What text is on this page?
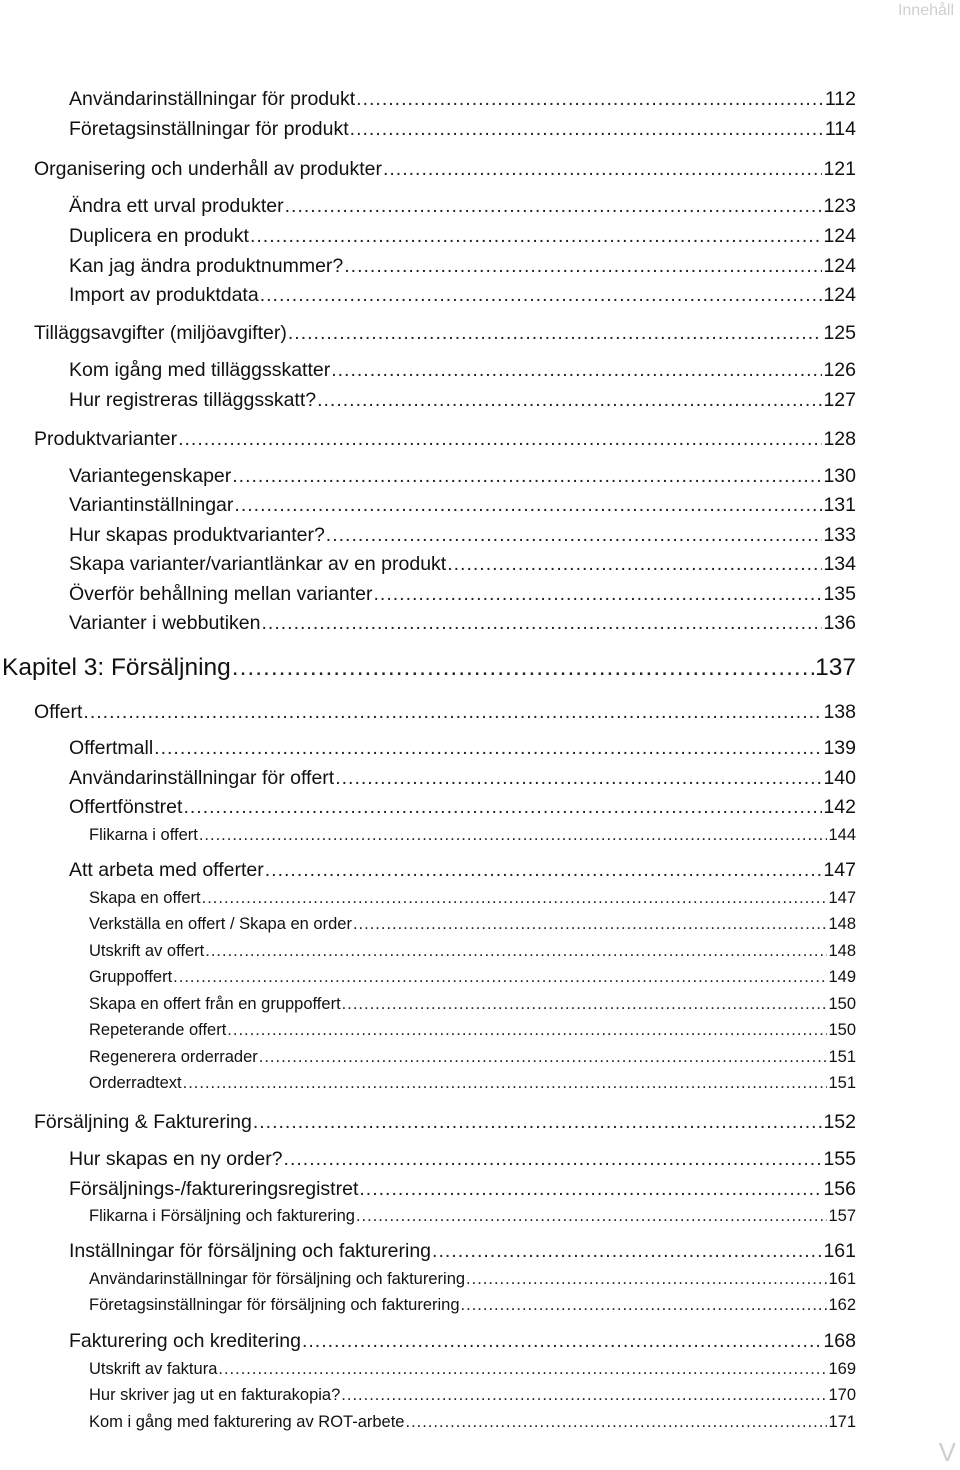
Innehåll
Användarinställningar för produkt .....	112
Företagsinställningar för produkt .....	114
Organisering och underhåll av produkter .....	121
Ändra ett urval produkter .....	123
Duplicera en produkt .....	124
Kan jag ändra produktnummer? .....	124
Import av produktdata .....	124
Tilläggsavgifter (miljöavgifter) .....	125
Kom igång med tilläggsskatter .....	126
Hur registreras tilläggsskatt? .....	127
Produktvarianter .....	128
Variantegenskaper .....	130
Variantinställningar .....	131
Hur skapas produktvarianter? .....	133
Skapa varianter/variantlänkar av en produkt .....	134
Överför behållning mellan varianter .....	135
Varianter i webbutiken .....	136
Kapitel 3: Försäljning .....	137
Offert .....	138
Offertmall .....	139
Användarinställningar för offert .....	140
Offertfönstret .....	142
Flikarna i offert .....	144
Att arbeta med offerter .....	147
Skapa en offert .....	147
Verkställa en offert / Skapa en order .....	148
Utskrift av offert .....	148
Gruppoffert .....	149
Skapa en offert från en gruppoffert .....	150
Repeterande offert .....	150
Regenerera orderrader .....	151
Orderradtext .....	151
Försäljning & Fakturering .....	152
Hur skapas en ny order? .....	155
Försäljnings-/faktureringsregistret .....	156
Flikarna i Försäljning och fakturering .....	157
Inställningar för försäljning och fakturering .....	161
Användarinställningar för försäljning och fakturering .....	161
Företagsinställningar för försäljning och fakturering .....	162
Fakturering och kreditering .....	168
Utskrift av faktura .....	169
Hur skriver jag ut en fakturakopia? .....	170
Kom i gång med fakturering av ROT-arbete .....	171
V
